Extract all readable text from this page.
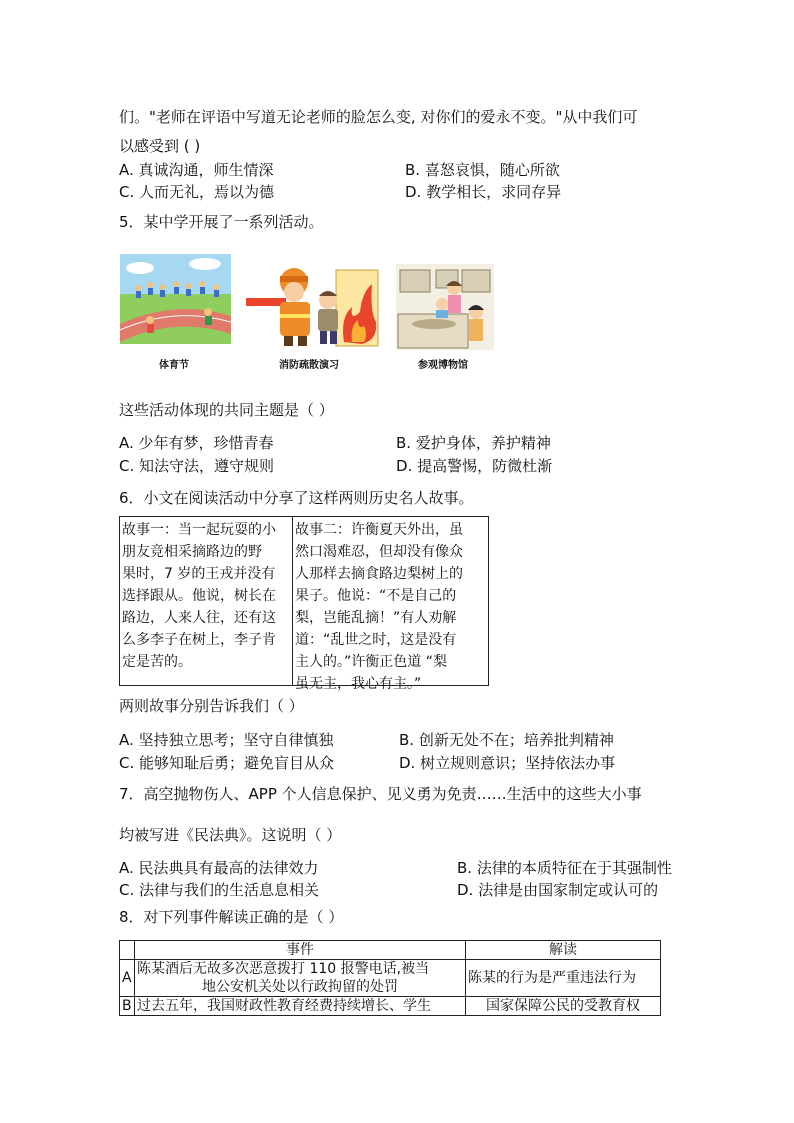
们。"老师在评语中写道无论老师的脸怎么变, 对你们的爱永不变。"从中我们可
以感受到 ( )
A. 真诚沟通，师生情深	B. 喜怒哀惧，随心所欲
C. 人而无礼，焉以为德	D. 教学相长，求同存异
5．某中学开展了一系列活动。
体育节	消防疏散演习	参观博物馆
这些活动体现的共同主题是（ ）
A. 少年有梦，珍惜青春	B. 爱护身体，养护精神
C. 知法守法，遵守规则	D. 提高警惕，防微杜渐
6．小文在阅读活动中分享了这样两则历史名人故事。
故事一：当一起玩耍的小
朋友竞相采摘路边的野
果时，7 岁的王戎并没有
选择跟从。他说，树长在
路边，人来人往，还有这
么多李子在树上，李子肯
定是苦的。
故事二：许衡夏天外出，虽
然口渴难忍，但却没有像众
人那样去摘食路边梨树上的
果子。他说：“不是自己的
梨，岂能乱摘！”有人劝解
道：“乱世之时，这是没有
主人的。”许衡正色道 “梨
虽无主，我心有主。”
两则故事分别告诉我们（ ）
A. 坚持独立思考；坚守自律慎独	B. 创新无处不在；培养批判精神
C. 能够知耻后勇；避免盲目从众	D. 树立规则意识；坚持依法办事
7．高空抛物伤人、APP 个人信息保护、见义勇为免责……生活中的这些大小事
均被写进《民法典》。这说明（ ）
A. 民法典具有最高的法律效力	B. 法律的本质特征在于其强制性
C. 法律与我们的生活息息相关	D. 法律是由国家制定或认可的
8．对下列事件解读正确的是（ ）
	事件	解读
A	陈某酒后无故多次恶意拨打 110 报警电话,被当
地公安机关处以行政拘留的处罚	陈某的行为是严重违法行为
B	过去五年，我国财政性教育经费持续增长、学生	国家保障公民的受教育权
